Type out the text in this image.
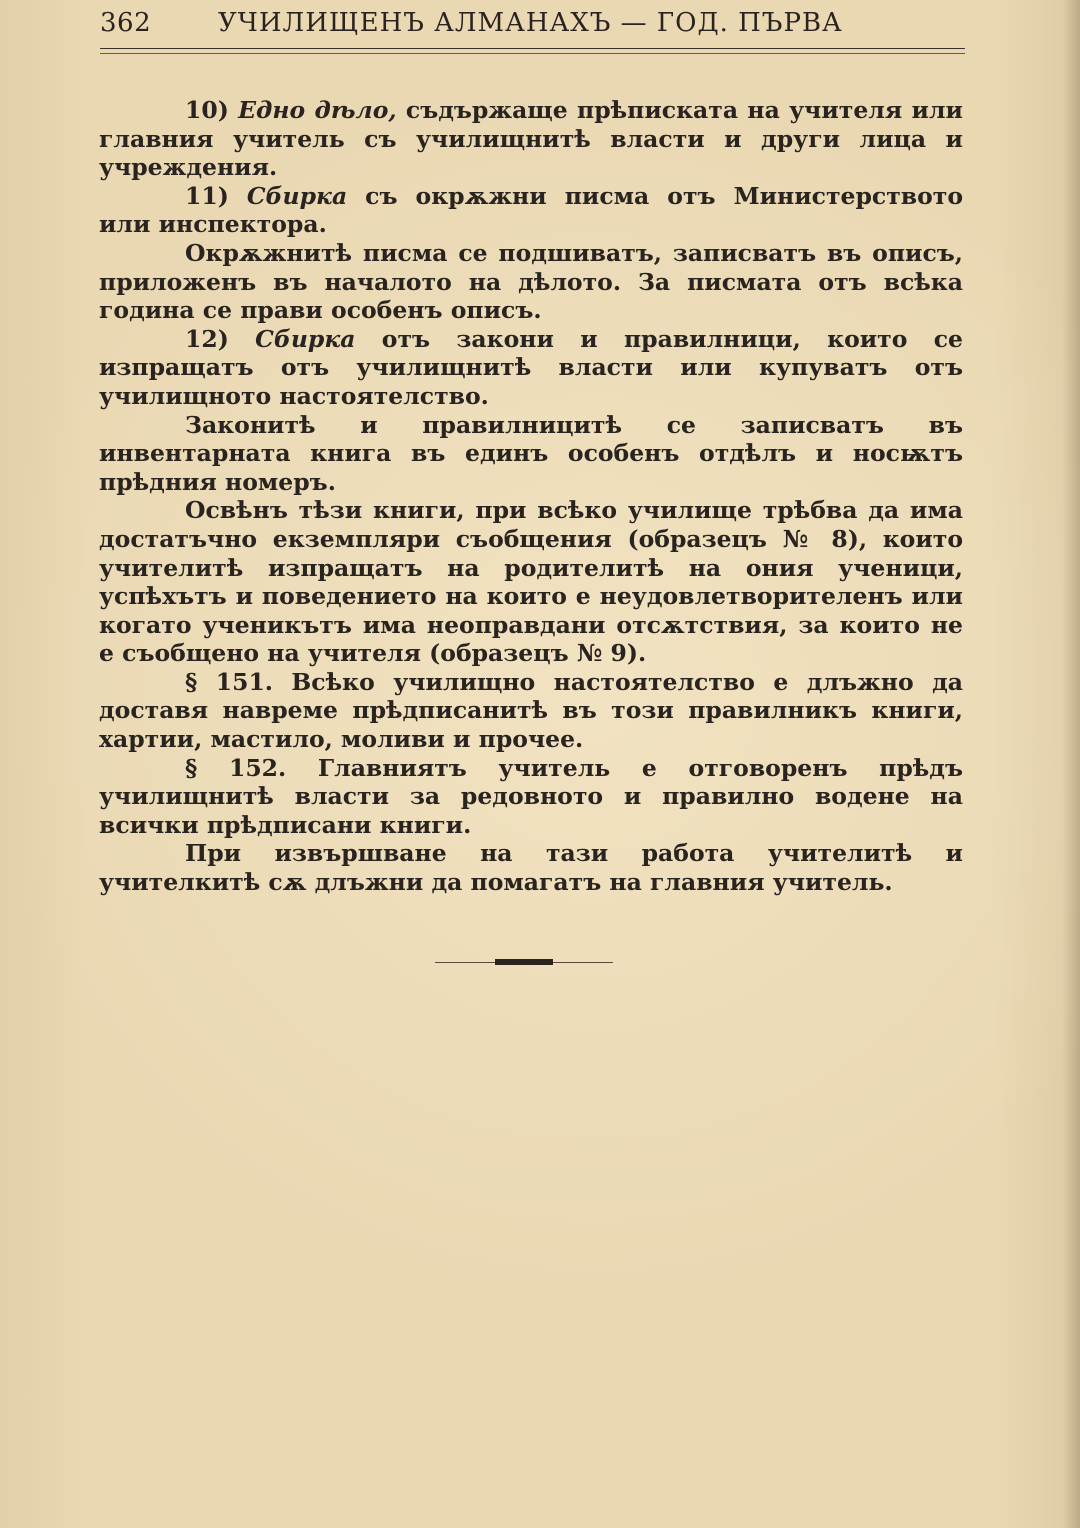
362	УЧИЛИЩЕНЪ АЛМАНАХЪ — ГОД. ПЪРВА

10) Едно дѣло, съдържаще прѣписката на учителя или главния учитель съ училищнитѣ власти и други лица и учреждения.

11) Сбирка съ окрѫжни писма отъ Министерството или инспектора.

Окрѫжнитѣ писма се подшиватъ, записватъ въ описъ, приложенъ въ началото на дѣлото. За писмата отъ всѣка година се прави особенъ описъ.

12) Сбирка отъ закони и правилници, които се изпращатъ отъ училищнитѣ власти или купуватъ отъ училищното настоятелство.

Законитѣ и правилницитѣ се записватъ въ инвентарната книга въ единъ особенъ отдѣлъ и носѭтъ прѣдния номеръ.

Освѣнъ тѣзи книги, при всѣко училище трѣбва да има достатъчно екземпляри съобщения (образецъ № 8), които учителитѣ изпращатъ на родителитѣ на ония ученици, успѣхътъ и поведението на които е неудовлетворителенъ или когато ученикътъ има неоправдани отсѫтствия, за които не е съобщено на учителя (образецъ № 9).

§ 151. Всѣко училищно настоятелство е длъжно да доставя навреме прѣдписанитѣ въ този правилникъ книги, хартии, мастило, моливи и прочее.

§ 152. Главниятъ учитель е отговоренъ прѣдъ училищнитѣ власти за редовното и правилно водене на всички прѣдписани книги.

При извършване на тази работа учителитѣ и учителкитѣ сѫ длъжни да помагатъ на главния учитель.
